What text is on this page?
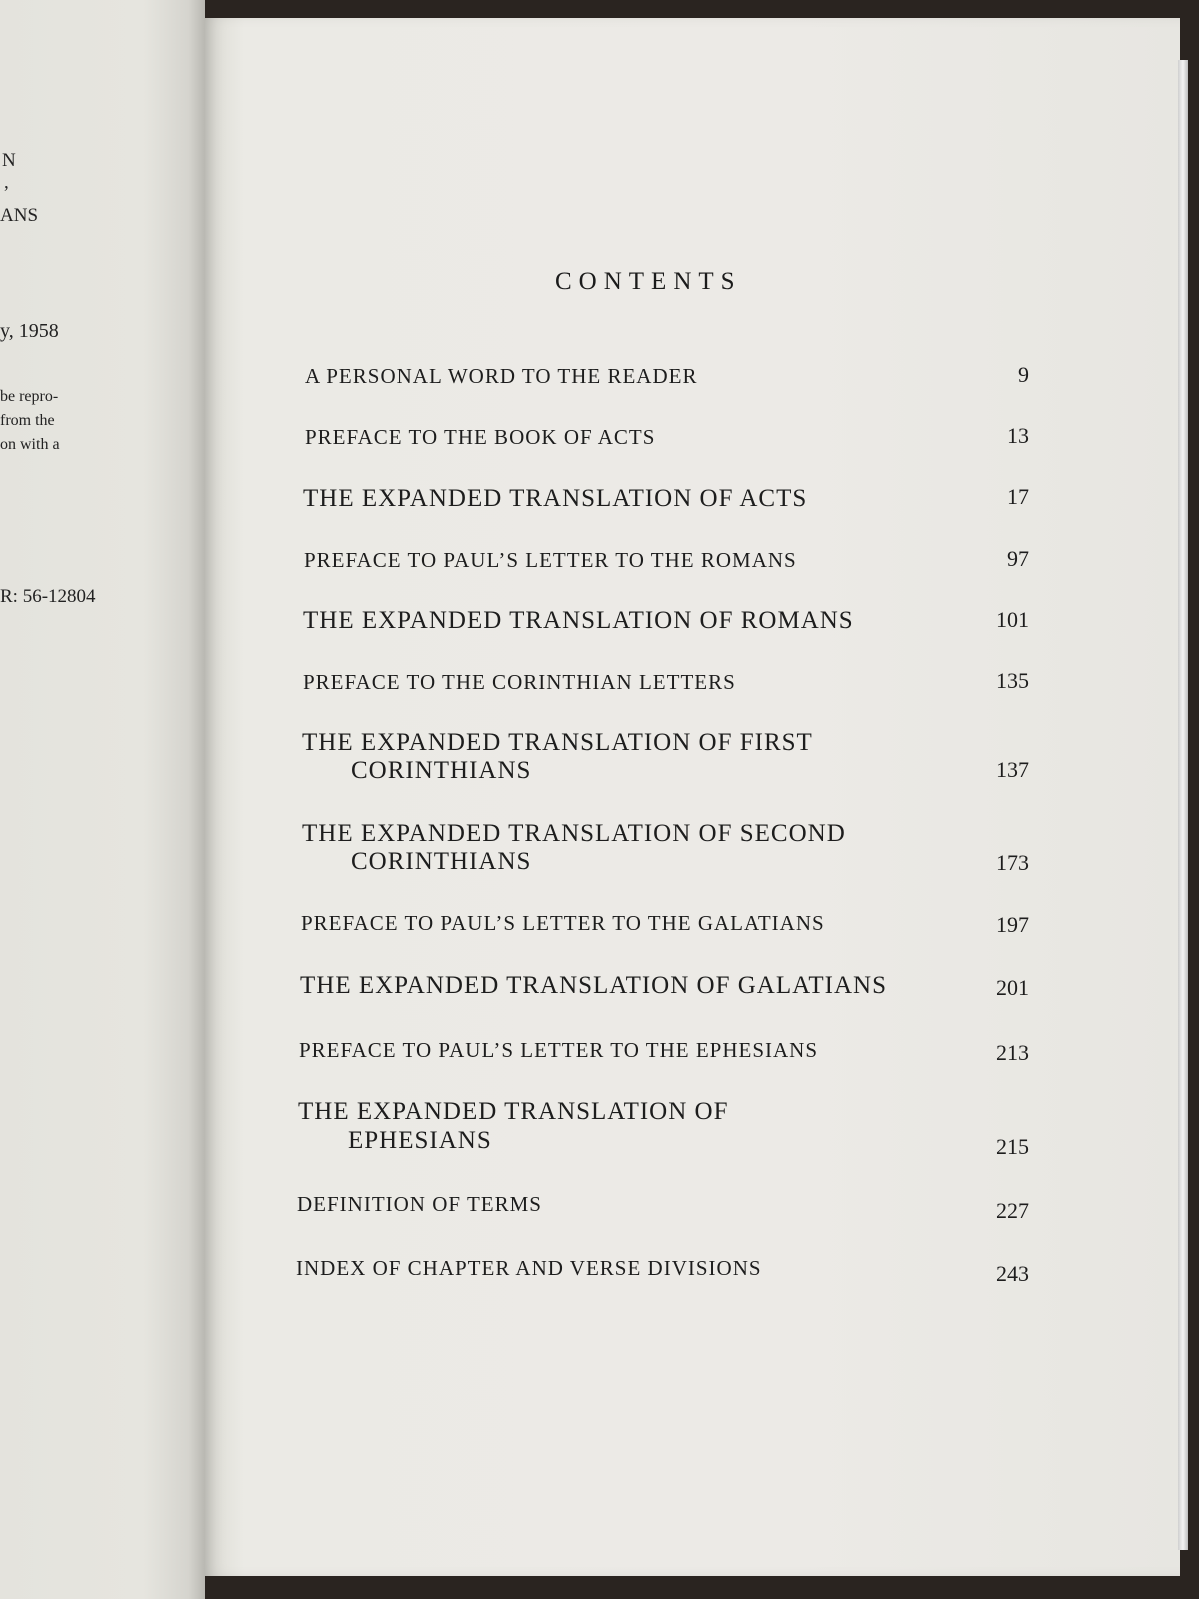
N
,
ANS
y, 1958
be repro-
from the
on with a
R: 56-12804

CONTENTS
A PERSONAL WORD TO THE READER	9
PREFACE TO THE BOOK OF ACTS	13
THE EXPANDED TRANSLATION OF ACTS	17
PREFACE TO PAUL’S LETTER TO THE ROMANS	97
THE EXPANDED TRANSLATION OF ROMANS	101
PREFACE TO THE CORINTHIAN LETTERS	135
THE EXPANDED TRANSLATION OF FIRST
CORINTHIANS	137
THE EXPANDED TRANSLATION OF SECOND
CORINTHIANS	173
PREFACE TO PAUL’S LETTER TO THE GALATIANS	197
THE EXPANDED TRANSLATION OF GALATIANS	201
PREFACE TO PAUL’S LETTER TO THE EPHESIANS	213
THE EXPANDED TRANSLATION OF
EPHESIANS	215
DEFINITION OF TERMS	227
INDEX OF CHAPTER AND VERSE DIVISIONS	243
